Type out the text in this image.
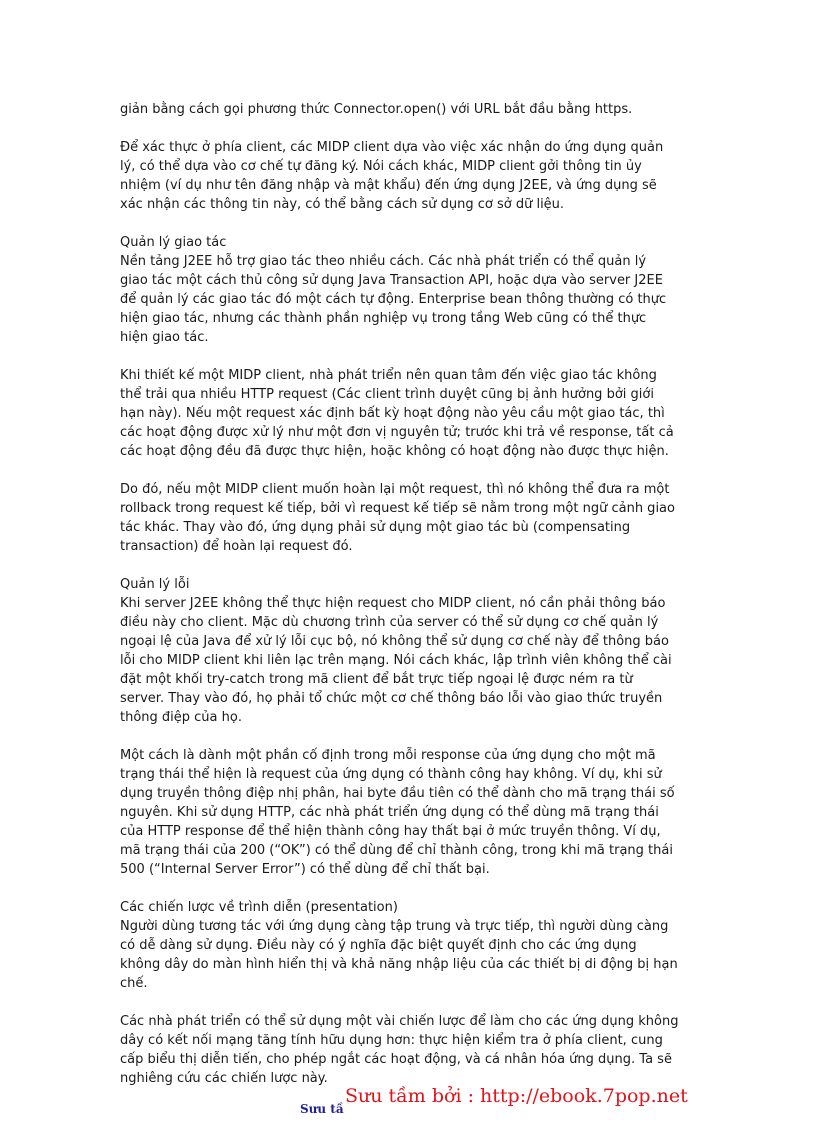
giản bằng cách gọi phương thức Connector.open() với URL bắt đầu bằng https.
Để xác thực ở phía client, các MIDP client dựa vào việc xác nhận do ứng dụng quản
lý, có thể dựa vào cơ chế tự đăng ký. Nói cách khác, MIDP client gởi thông tin ủy
nhiệm (ví dụ như tên đăng nhập và mật khẩu) đến ứng dụng J2EE, và ứng dụng sẽ
xác nhận các thông tin này, có thể bằng cách sử dụng cơ sở dữ liệu.
Quản lý giao tác
Nền tảng J2EE hỗ trợ giao tác theo nhiều cách. Các nhà phát triển có thể quản lý
giao tác một cách thủ công sử dụng Java Transaction API, hoặc dựa vào server J2EE
để quản lý các giao tác đó một cách tự động. Enterprise bean thông thường có thực
hiện giao tác, nhưng các thành phần nghiệp vụ trong tầng Web cũng có thể thực
hiện giao tác.
Khi thiết kế một MIDP client, nhà phát triển nên quan tâm đến việc giao tác không
thể trải qua nhiều HTTP request (Các client trình duyệt cũng bị ảnh hưởng bởi giới
hạn này). Nếu một request xác định bất kỳ hoạt động nào yêu cầu một giao tác, thì
các hoạt động được xử lý như một đơn vị nguyên tử; trước khi trả về response, tất cả
các hoạt động đều đã được thực hiện, hoặc không có hoạt động nào được thực hiện.
Do đó, nếu một MIDP client muốn hoàn lại một request, thì nó không thể đưa ra một
rollback trong request kế tiếp, bởi vì request kế tiếp sẽ nằm trong một ngữ cảnh giao
tác khác. Thay vào đó, ứng dụng phải sử dụng một giao tác bù (compensating
transaction) để hoàn lại request đó.
Quản lý lỗi
Khi server J2EE không thể thực hiện request cho MIDP client, nó cần phải thông báo
điều này cho client. Mặc dù chương trình của server có thể sử dụng cơ chế quản lý
ngoại lệ của Java để xử lý lỗi cục bộ, nó không thể sử dụng cơ chế này để thông báo
lỗi cho MIDP client khi liên lạc trên mạng. Nói cách khác, lập trình viên không thể cài
đặt một khối try-catch trong mã client để bắt trực tiếp ngoại lệ được ném ra từ
server. Thay vào đó, họ phải tổ chức một cơ chế thông báo lỗi vào giao thức truyền
thông điệp của họ.
Một cách là dành một phần cố định trong mỗi response của ứng dụng cho một mã
trạng thái thể hiện là request của ứng dụng có thành công hay không. Ví dụ, khi sử
dụng truyền thông điệp nhị phân, hai byte đầu tiên có thể dành cho mã trạng thái số
nguyên. Khi sử dụng HTTP, các nhà phát triển ứng dụng có thể dùng mã trạng thái
của HTTP response để thể hiện thành công hay thất bại ở mức truyền thông. Ví dụ,
mã trạng thái của 200 (“OK”) có thể dùng để chỉ thành công, trong khi mã trạng thái
500 (“Internal Server Error”) có thể dùng để chỉ thất bại.
Các chiến lược về trình diễn (presentation)
Người dùng tương tác với ứng dụng càng tập trung và trực tiếp, thì người dùng càng
có dễ dàng sử dụng. Điều này có ý nghĩa đặc biệt quyết định cho các ứng dụng
không dây do màn hình hiển thị và khả năng nhập liệu của các thiết bị di động bị hạn
chế.
Các nhà phát triển có thể sử dụng một vài chiến lược để làm cho các ứng dụng không
dây có kết nối mạng tăng tính hữu dụng hơn: thực hiện kiểm tra ở phía client, cung
cấp biểu thị diễn tiến, cho phép ngắt các hoạt động, và cá nhân hóa ứng dụng. Ta sẽ
nghiêng cứu các chiến lược này.
Sưu tầ
Sưu tầm bởi : http://ebook.7pop.net
